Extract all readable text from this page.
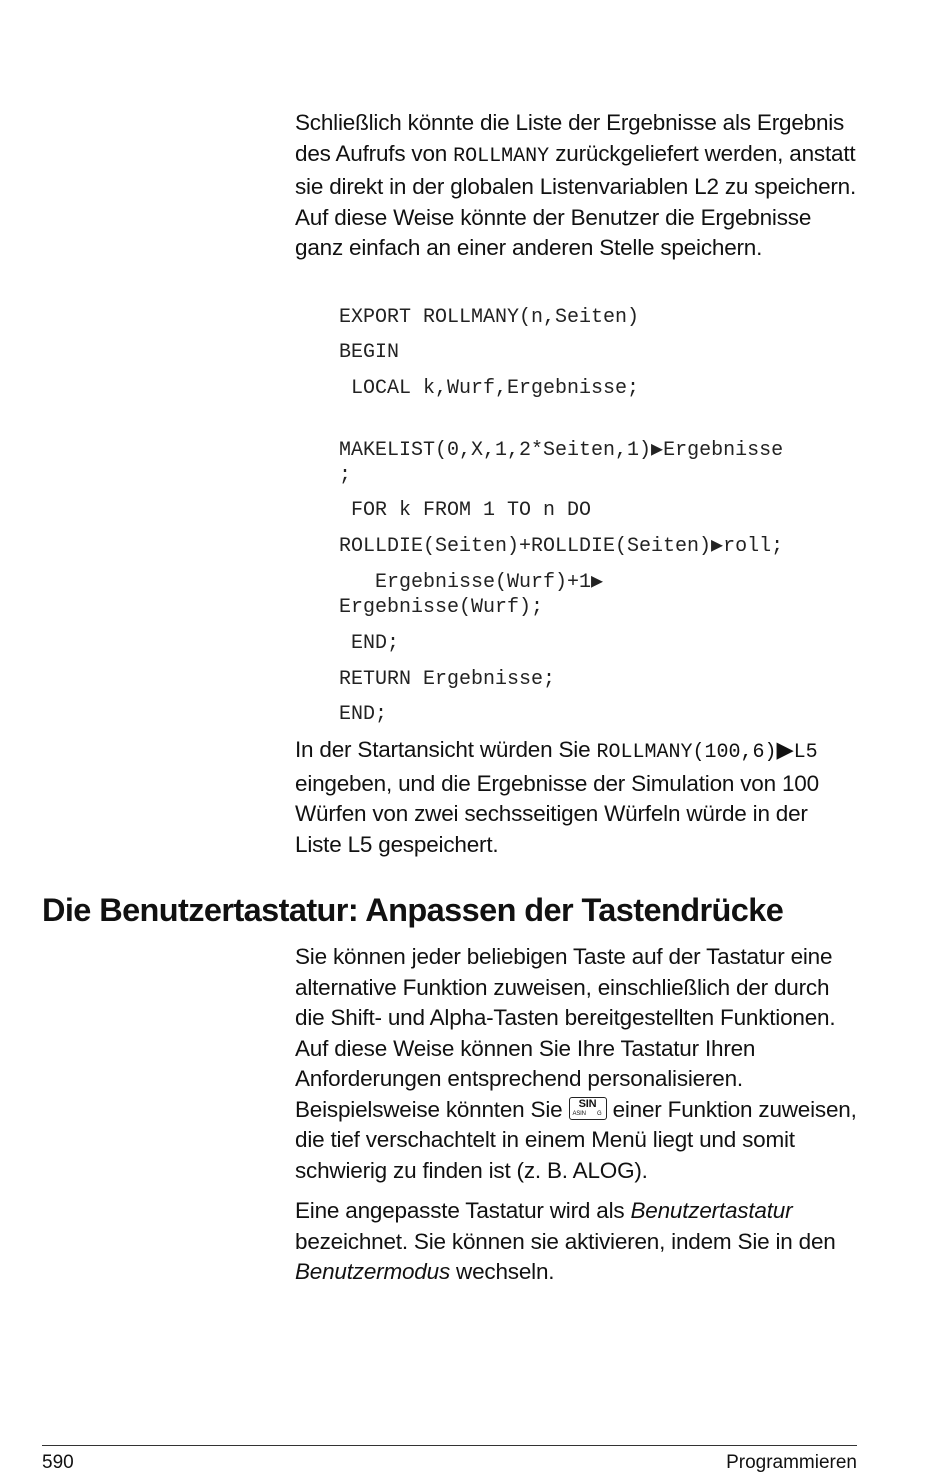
Schließlich könnte die Liste der Ergebnisse als Ergebnis des Aufrufs von ROLLMANY zurückgeliefert werden, anstatt sie direkt in der globalen Listenvariablen L2 zu speichern. Auf diese Weise könnte der Benutzer die Ergebnisse ganz einfach an einer anderen Stelle speichern.

EXPORT ROLLMANY(n,Seiten)
BEGIN
LOCAL k,Wurf,Ergebnisse;
MAKELIST(0,X,1,2*Seiten,1)▶Ergebnisse
;
FOR k FROM 1 TO n DO
ROLLDIE(Seiten)+ROLLDIE(Seiten)▶roll;
Ergebnisse(Wurf)+1▶
Ergebnisse(Wurf);
END;
RETURN Ergebnisse;
END;

In der Startansicht würden Sie ROLLMANY(100,6)▶L5 eingeben, und die Ergebnisse der Simulation von 100 Würfen von zwei sechsseitigen Würfeln würde in der Liste L5 gespeichert.

Die Benutzertastatur: Anpassen der Tastendrücke

Sie können jeder beliebigen Taste auf der Tastatur eine alternative Funktion zuweisen, einschließlich der durch die Shift- und Alpha-Tasten bereitgestellten Funktionen. Auf diese Weise können Sie Ihre Tastatur Ihren Anforderungen entsprechend personalisieren. Beispielsweise könnten Sie SIN
ASIN G einer Funktion zuweisen, die tief verschachtelt in einem Menü liegt und somit schwierig zu finden ist (z. B. ALOG).

Eine angepasste Tastatur wird als Benutzertastatur bezeichnet. Sie können sie aktivieren, indem Sie in den Benutzermodus wechseln.

590	Programmieren
